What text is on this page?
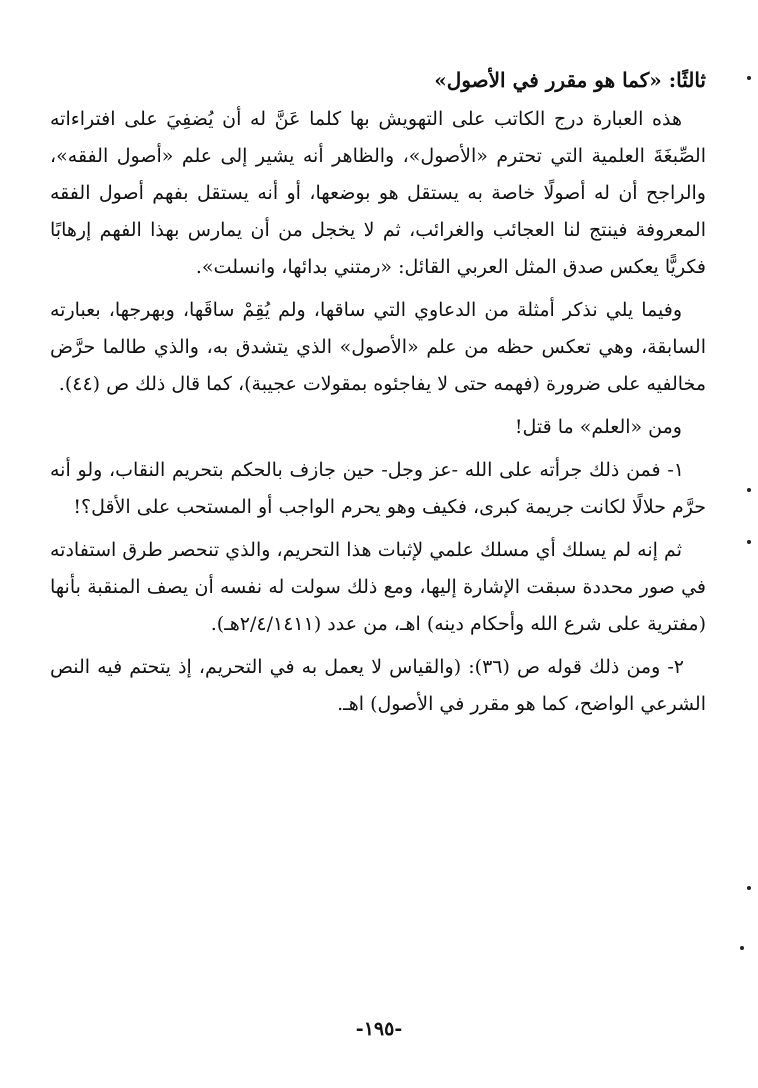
ثالثًا: «كما هو مقرر في الأصول»

هذه العبارة درج الكاتب على التهويش بها كلما عَنَّ له أن يُضفِيَ على افتراءاته الصِّبغَةَ العلمية التي تحترم «الأصول»، والظاهر أنه يشير إلى علم «أصول الفقه»، والراجح أن له أصولًا خاصة به يستقل هو بوضعها، أو أنه يستقل بفهم أصول الفقه المعروفة فينتج لنا العجائب والغرائب، ثم لا يخجل من أن يمارس بهذا الفهم إرهابًا فكريًّا يعكس صدق المثل العربي القائل: «رمتني بدائها، وانسلت».

وفيما يلي نذكر أمثلة من الدعاوي التي ساقها، ولم يُقِمْ ساقَها، وبهرجها، بعبارته السابقة، وهي تعكس حظه من علم «الأصول» الذي يتشدق به، والذي طالما حرَّض مخالفيه على ضرورة (فهمه حتى لا يفاجئوه بمقولات عجيبة)، كما قال ذلك ص (٤٤).

ومن «العلم» ما قتل!

١- فمن ذلك جرأته على الله -عز وجل- حين جازف بالحكم بتحريم النقاب، ولو أنه حرَّم حلالًا لكانت جريمة كبرى، فكيف وهو يحرم الواجب أو المستحب على الأقل؟!

ثم إنه لم يسلك أي مسلك علمي لإثبات هذا التحريم، والذي تنحصر طرق استفادته في صور محددة سبقت الإشارة إليها، ومع ذلك سولت له نفسه أن يصف المنقبة بأنها (مفترية على شرع الله وأحكام دينه) اهـ، من عدد (٢/٤/١٤١١هـ).

٢- ومن ذلك قوله ص (٣٦): (والقياس لا يعمل به في التحريم، إذ يتحتم فيه النص الشرعي الواضح، كما هو مقرر في الأصول) اهـ.

-١٩٥-
